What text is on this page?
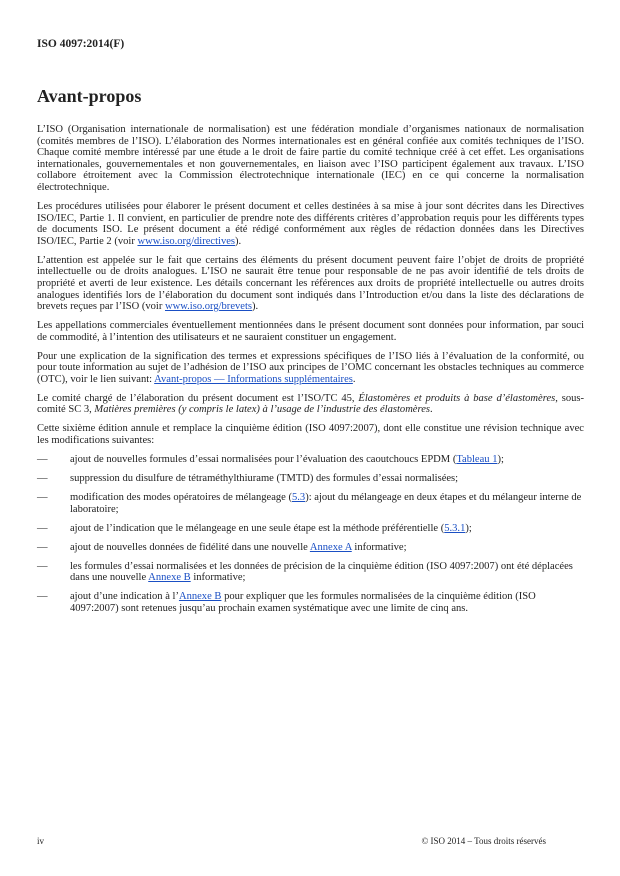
ISO 4097:2014(F)
Avant-propos

L’ISO (Organisation internationale de normalisation) est une fédération mondiale d’organismes nationaux de normalisation (comités membres de l’ISO). L’élaboration des Normes internationales est en général confiée aux comités techniques de l’ISO. Chaque comité membre intéressé par une étude a le droit de faire partie du comité technique créé à cet effet. Les organisations internationales, gouvernementales et non gouvernementales, en liaison avec l’ISO participent également aux travaux. L’ISO collabore étroitement avec la Commission électrotechnique internationale (IEC) en ce qui concerne la normalisation électrotechnique.

Les procédures utilisées pour élaborer le présent document et celles destinées à sa mise à jour sont décrites dans les Directives ISO/IEC, Partie 1. Il convient, en particulier de prendre note des différents critères d’approbation requis pour les différents types de documents ISO. Le présent document a été rédigé conformément aux règles de rédaction données dans les Directives ISO/IEC, Partie 2 (voir www.iso.org/directives).

L’attention est appelée sur le fait que certains des éléments du présent document peuvent faire l’objet de droits de propriété intellectuelle ou de droits analogues. L’ISO ne saurait être tenue pour responsable de ne pas avoir identifié de tels droits de propriété et averti de leur existence. Les détails concernant les références aux droits de propriété intellectuelle ou autres droits analogues identifiés lors de l’élaboration du document sont indiqués dans l’Introduction et/ou dans la liste des déclarations de brevets reçues par l’ISO (voir www.iso.org/brevets).

Les appellations commerciales éventuellement mentionnées dans le présent document sont données pour information, par souci de commodité, à l’intention des utilisateurs et ne sauraient constituer un engagement.

Pour une explication de la signification des termes et expressions spécifiques de l’ISO liés à l’évaluation de la conformité, ou pour toute information au sujet de l’adhésion de l’ISO aux principes de l’OMC concernant les obstacles techniques au commerce (OTC), voir le lien suivant: Avant-propos — Informations supplémentaires.

Le comité chargé de l’élaboration du présent document est l’ISO/TC 45, Élastomères et produits à base d’élastomères, sous-comité SC 3, Matières premières (y compris le latex) à l’usage de l’industrie des élastomères.

Cette sixième édition annule et remplace la cinquième édition (ISO 4097:2007), dont elle constitue une révision technique avec les modifications suivantes:

—	ajout de nouvelles formules d’essai normalisées pour l’évaluation des caoutchoucs EPDM (Tableau 1);
—	suppression du disulfure de tétraméthylthiurame (TMTD) des formules d’essai normalisées;
—	modification des modes opératoires de mélangeage (5.3): ajout du mélangeage en deux étapes et du mélangeur interne de laboratoire;
—	ajout de l’indication que le mélangeage en une seule étape est la méthode préférentielle (5.3.1);
—	ajout de nouvelles données de fidélité dans une nouvelle Annexe A informative;
—	les formules d’essai normalisées et les données de précision de la cinquième édition (ISO 4097:2007) ont été déplacées dans une nouvelle Annexe B informative;
—	ajout d’une indication à l’Annexe B pour expliquer que les formules normalisées de la cinquième édition (ISO 4097:2007) sont retenues jusqu’au prochain examen systématique avec une limite de cinq ans.
iv	© ISO 2014 – Tous droits réservés
